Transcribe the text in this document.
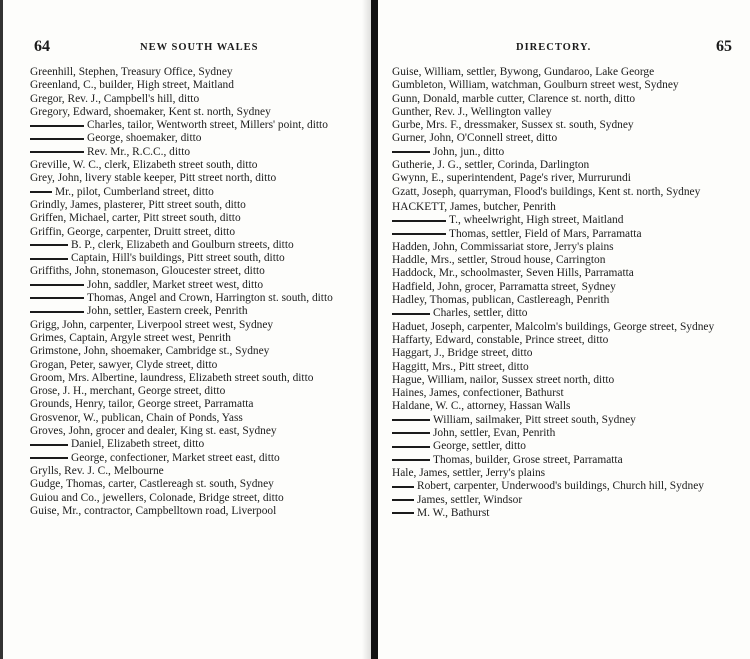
64	NEW SOUTH WALES
Greenhill, Stephen, Treasury Office, Sydney
Greenland, C., builder, High street, Maitland
Gregor, Rev. J., Campbell's hill, ditto
Gregory, Edward, shoemaker, Kent st. north, Sydney
Charles, tailor, Wentworth street, Millers' point, ditto
George, shoemaker, ditto
Rev. Mr., R.C.C., ditto
Greville, W. C., clerk, Elizabeth street south, ditto
Grey, John, livery stable keeper, Pitt street north, ditto
Mr., pilot, Cumberland street, ditto
Grindly, James, plasterer, Pitt street south, ditto
Griffen, Michael, carter, Pitt street south, ditto
Griffin, George, carpenter, Druitt street, ditto
B. P., clerk, Elizabeth and Goulburn streets, ditto
Captain, Hill's buildings, Pitt street south, ditto
Griffiths, John, stonemason, Gloucester street, ditto
John, saddler, Market street west, ditto
Thomas, Angel and Crown, Harrington st. south, ditto
John, settler, Eastern creek, Penrith
Grigg, John, carpenter, Liverpool street west, Sydney
Grimes, Captain, Argyle street west, Penrith
Grimstone, John, shoemaker, Cambridge st., Sydney
Grogan, Peter, sawyer, Clyde street, ditto
Groom, Mrs. Albertine, laundress, Elizabeth street south, ditto
Grose, J. H., merchant, George street, ditto
Grounds, Henry, tailor, George street, Parramatta
Grosvenor, W., publican, Chain of Ponds, Yass
Groves, John, grocer and dealer, King st. east, Sydney
Daniel, Elizabeth street, ditto
George, confectioner, Market street east, ditto
Grylls, Rev. J. C., Melbourne
Gudge, Thomas, carter, Castlereagh st. south, Sydney
Guiou and Co., jewellers, Colonade, Bridge street, ditto
Guise, Mr., contractor, Campbelltown road, Liverpool
DIRECTORY.	65
Guise, William, settler, Bywong, Gundaroo, Lake George
Gumbleton, William, watchman, Goulburn street west, Sydney
Gunn, Donald, marble cutter, Clarence st. north, ditto
Gunther, Rev. J., Wellington valley
Gurbe, Mrs. F., dressmaker, Sussex st. south, Sydney
Gurner, John, O'Connell street, ditto
John, jun., ditto
Gutherie, J. G., settler, Corinda, Darlington
Gwynn, E., superintendent, Page's river, Murrurundi
Gzatt, Joseph, quarryman, Flood's buildings, Kent st. north, Sydney
HACKETT, James, butcher, Penrith
T., wheelwright, High street, Maitland
Thomas, settler, Field of Mars, Parramatta
Hadden, John, Commissariat store, Jerry's plains
Haddle, Mrs., settler, Stroud house, Carrington
Haddock, Mr., schoolmaster, Seven Hills, Parramatta
Hadfield, John, grocer, Parramatta street, Sydney
Hadley, Thomas, publican, Castlereagh, Penrith
Charles, settler, ditto
Haduet, Joseph, carpenter, Malcolm's buildings, George street, Sydney
Haffarty, Edward, constable, Prince street, ditto
Haggart, J., Bridge street, ditto
Haggitt, Mrs., Pitt street, ditto
Hague, William, nailor, Sussex street north, ditto
Haines, James, confectioner, Bathurst
Haldane, W. C., attorney, Hassan Walls
William, sailmaker, Pitt street south, Sydney
John, settler, Evan, Penrith
George, settler, ditto
Thomas, builder, Grose street, Parramatta
Hale, James, settler, Jerry's plains
Robert, carpenter, Underwood's buildings, Church hill, Sydney
James, settler, Windsor
M. W., Bathurst
